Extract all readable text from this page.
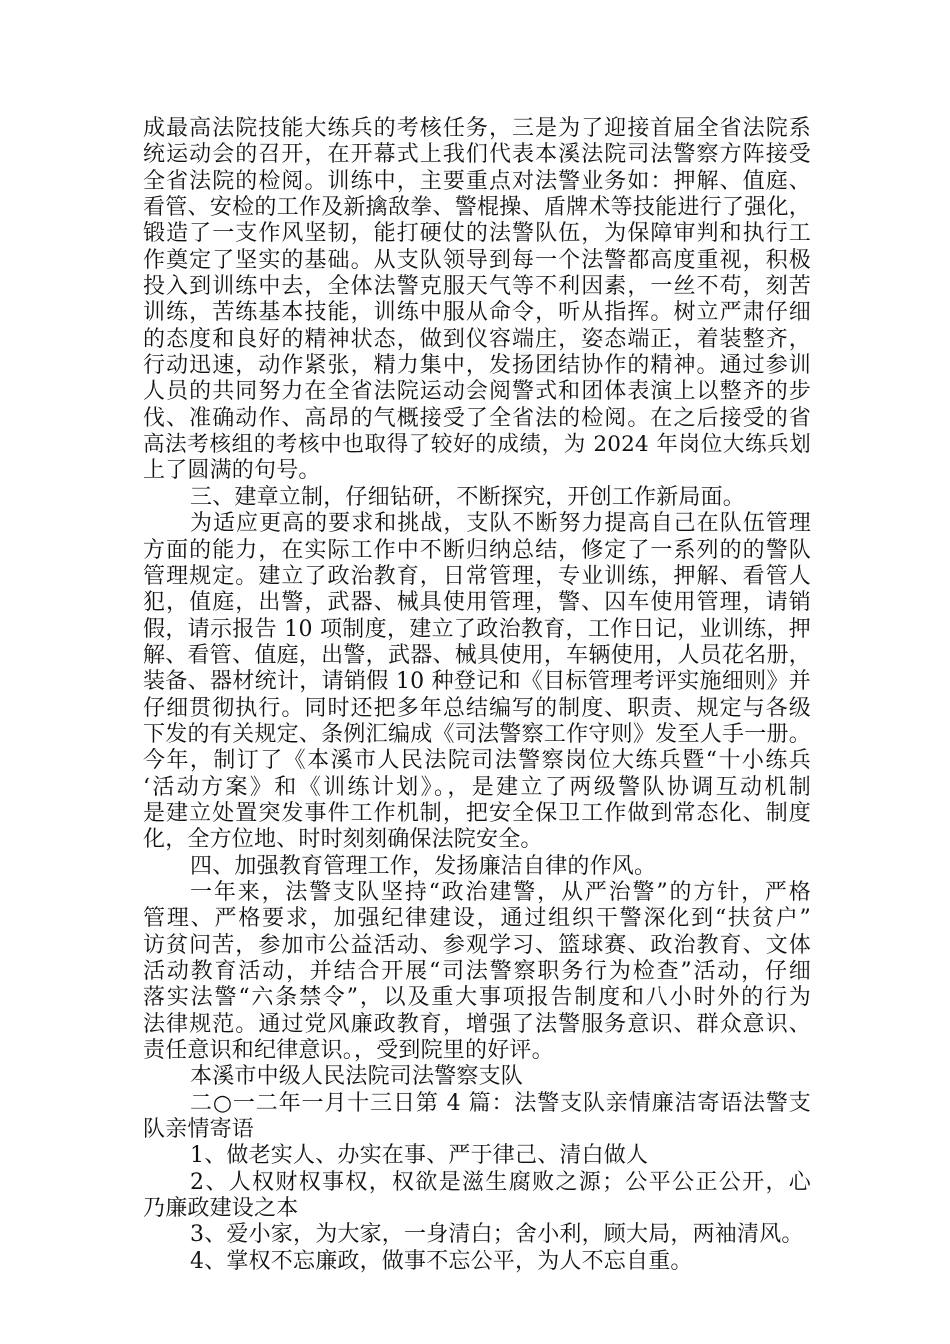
成最高法院技能大练兵的考核任务，三是为了迎接首届全省法院系
统运动会的召开，在开幕式上我们代表本溪法院司法警察方阵接受
全省法院的检阅。训练中，主要重点对法警业务如：押解、值庭、
看管、安检的工作及新擒敌拳、警棍操、盾牌术等技能进行了强化，
锻造了一支作风坚韧，能打硬仗的法警队伍，为保障审判和执行工
作奠定了坚实的基础。从支队领导到每一个法警都高度重视，积极
投入到训练中去，全体法警克服天气等不利因素，一丝不苟，刻苦
训练，苦练基本技能，训练中服从命令，听从指挥。树立严肃仔细
的态度和良好的精神状态，做到仪容端庄，姿态端正，着装整齐，
行动迅速，动作紧张，精力集中，发扬团结协作的精神。通过参训
人员的共同努力在全省法院运动会阅警式和团体表演上以整齐的步
伐、准确动作、高昂的气概接受了全省法的检阅。在之后接受的省
高法考核组的考核中也取得了较好的成绩，为 2024 年岗位大练兵划
上了圆满的句号。
三、建章立制，仔细钻研，不断探究，开创工作新局面。
为适应更高的要求和挑战，支队不断努力提高自己在队伍管理
方面的能力，在实际工作中不断归纳总结，修定了一系列的的警队
管理规定。建立了政治教育，日常管理，专业训练，押解、看管人
犯，值庭，出警，武器、械具使用管理，警、囚车使用管理，请销
假，请示报告 10 项制度，建立了政治教育，工作日记，业训练，押
解、看管、值庭，出警，武器、械具使用，车辆使用，人员花名册，
装备、器材统计，请销假 10 种登记和《目标管理考评实施细则》并
仔细贯彻执行。同时还把多年总结编写的制度、职责、规定与各级
下发的有关规定、条例汇编成《司法警察工作守则》发至人手一册。
今年，制订了《本溪市人民法院司法警察岗位大练兵暨“十小练兵
‘活动方案》和《训练计划》。，是建立了两级警队协调互动机制
是建立处置突发事件工作机制，把安全保卫工作做到常态化、制度
化，全方位地、时时刻刻确保法院安全。
四、加强教育管理工作，发扬廉洁自律的作风。
一年来，法警支队坚持“政治建警，从严治警”的方针，严格
管理、严格要求，加强纪律建设，通过组织干警深化到“扶贫户”
访贫问苦，参加市公益活动、参观学习、篮球赛、政治教育、文体
活动教育活动，并结合开展“司法警察职务行为检查”活动，仔细
落实法警“六条禁令”，以及重大事项报告制度和八小时外的行为
法律规范。通过党风廉政教育，增强了法警服务意识、群众意识、
责任意识和纪律意识。，受到院里的好评。
本溪市中级人民法院司法警察支队
二○一二年一月十三日第 4 篇：法警支队亲情廉洁寄语法警支
队亲情寄语
1、做老实人、办实在事、严于律己、清白做人
2、人权财权事权，权欲是滋生腐败之源；公平公正公开，心
乃廉政建设之本
3、爱小家，为大家，一身清白；舍小利，顾大局，两袖清风。
4、掌权不忘廉政，做事不忘公平，为人不忘自重。
